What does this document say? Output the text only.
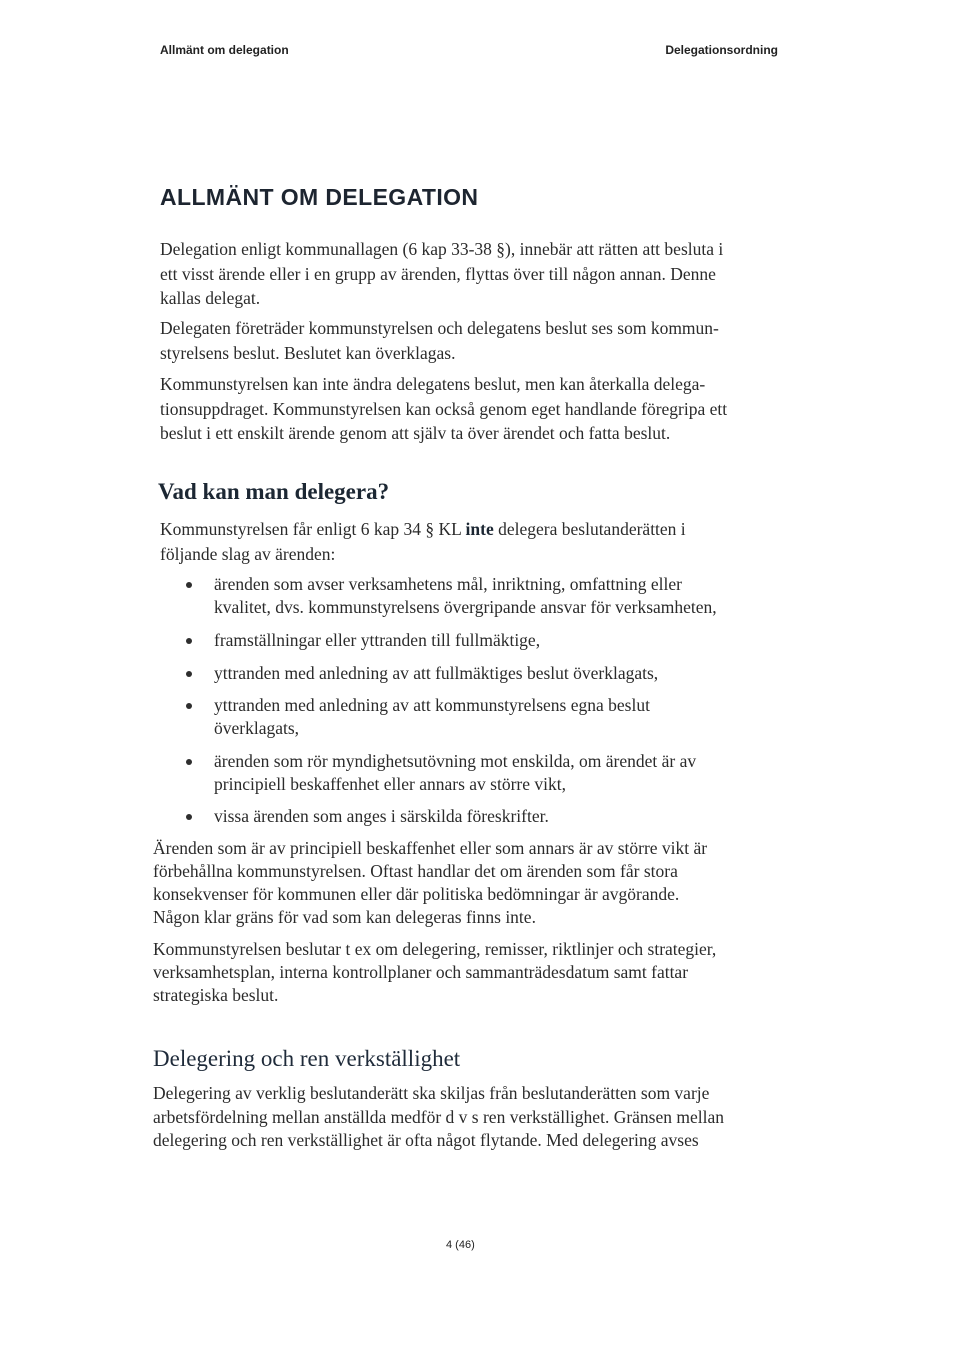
Allmänt om delegation	Delegationsordning
ALLMÄNT OM DELEGATION
Delegation enligt kommunallagen (6 kap 33-38 §), innebär att rätten att besluta i
ett visst ärende eller i en grupp av ärenden, flyttas över till någon annan. Denne
kallas delegat.
Delegaten företräder kommunstyrelsen och delegatens beslut ses som kommun-
styrelsens beslut. Beslutet kan överklagas.
Kommunstyrelsen kan inte ändra delegatens beslut, men kan återkalla delega-
tionsuppdraget. Kommunstyrelsen kan också genom eget handlande föregripa ett
beslut i ett enskilt ärende genom att själv ta över ärendet och fatta beslut.
Vad kan man delegera?
Kommunstyrelsen får enligt 6 kap 34 § KL inte delegera beslutanderätten i
följande slag av ärenden:
ärenden som avser verksamhetens mål, inriktning, omfattning eller
kvalitet, dvs. kommunstyrelsens övergripande ansvar för verksamheten,
framställningar eller yttranden till fullmäktige,
yttranden med anledning av att fullmäktiges beslut överklagats,
yttranden med anledning av att kommunstyrelsens egna beslut
överklagats,
ärenden som rör myndighetsutövning mot enskilda, om ärendet är av
principiell beskaffenhet eller annars av större vikt,
vissa ärenden som anges i särskilda föreskrifter.
Ärenden som är av principiell beskaffenhet eller som annars är av större vikt är
förbehållna kommunstyrelsen. Oftast handlar det om ärenden som får stora
konsekvenser för kommunen eller där politiska bedömningar är avgörande.
Någon klar gräns för vad som kan delegeras finns inte.
Kommunstyrelsen beslutar t ex om delegering, remisser, riktlinjer och strategier,
verksamhetsplan, interna kontrollplaner och sammanträdesdatum samt fattar
strategiska beslut.
Delegering och ren verkställighet
Delegering av verklig beslutanderätt ska skiljas från beslutanderätten som varje
arbetsfördelning mellan anställda medför d v s ren verkställighet. Gränsen mellan
delegering och ren verkställighet är ofta något flytande. Med delegering avses
4 (46)
